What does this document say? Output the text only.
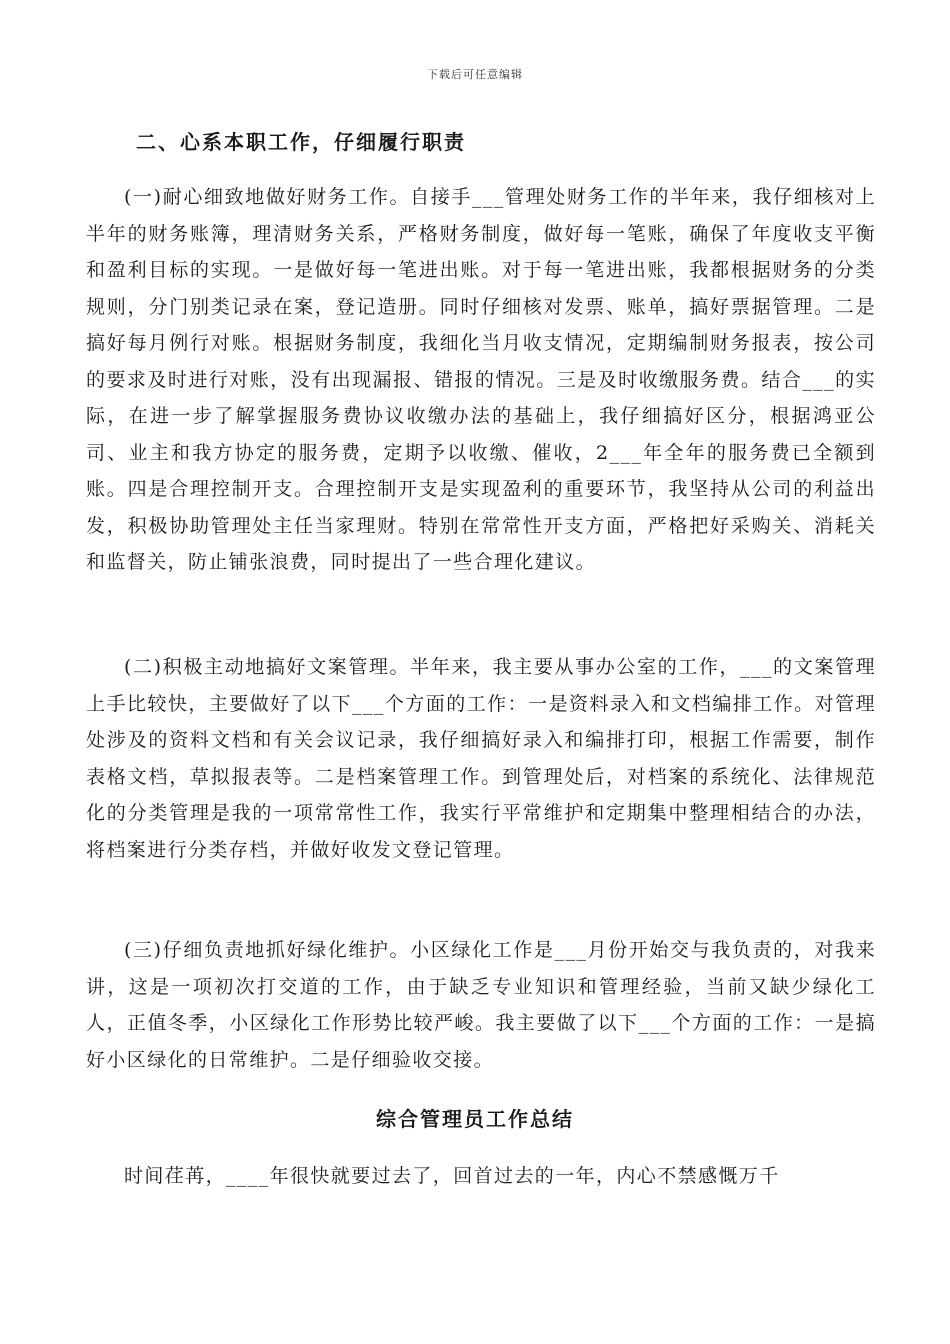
下载后可任意编辑
二、心系本职工作，仔细履行职责

(一)耐心细致地做好财务工作。自接手___管理处财务工作的半年来，我仔细核对上半年的财务账簿，理清财务关系，严格财务制度，做好每一笔账，确保了年度收支平衡和盈利目标的实现。一是做好每一笔进出账。对于每一笔进出账，我都根据财务的分类规则，分门别类记录在案，登记造册。同时仔细核对发票、账单，搞好票据管理。二是搞好每月例行对账。根据财务制度，我细化当月收支情况，定期编制财务报表，按公司的要求及时进行对账，没有出现漏报、错报的情况。三是及时收缴服务费。结合___的实际，在进一步了解掌握服务费协议收缴办法的基础上，我仔细搞好区分，根据鸿亚公司、业主和我方协定的服务费，定期予以收缴、催收，2___年全年的服务费已全额到账。四是合理控制开支。合理控制开支是实现盈利的重要环节，我坚持从公司的利益出发，积极协助管理处主任当家理财。特别在常常性开支方面，严格把好采购关、消耗关和监督关，防止铺张浪费，同时提出了一些合理化建议。

(二)积极主动地搞好文案管理。半年来，我主要从事办公室的工作，___的文案管理上手比较快，主要做好了以下___个方面的工作：一是资料录入和文档编排工作。对管理处涉及的资料文档和有关会议记录，我仔细搞好录入和编排打印，根据工作需要，制作表格文档，草拟报表等。二是档案管理工作。到管理处后，对档案的系统化、法律规范化的分类管理是我的一项常常性工作，我实行平常维护和定期集中整理相结合的办法，将档案进行分类存档，并做好收发文登记管理。

(三)仔细负责地抓好绿化维护。小区绿化工作是___月份开始交与我负责的，对我来讲，这是一项初次打交道的工作，由于缺乏专业知识和管理经验，当前又缺少绿化工人，正值冬季，小区绿化工作形势比较严峻。我主要做了以下___个方面的工作：一是搞好小区绿化的日常维护。二是仔细验收交接。

综合管理员工作总结

时间荏苒，____年很快就要过去了，回首过去的一年，内心不禁感慨万千
